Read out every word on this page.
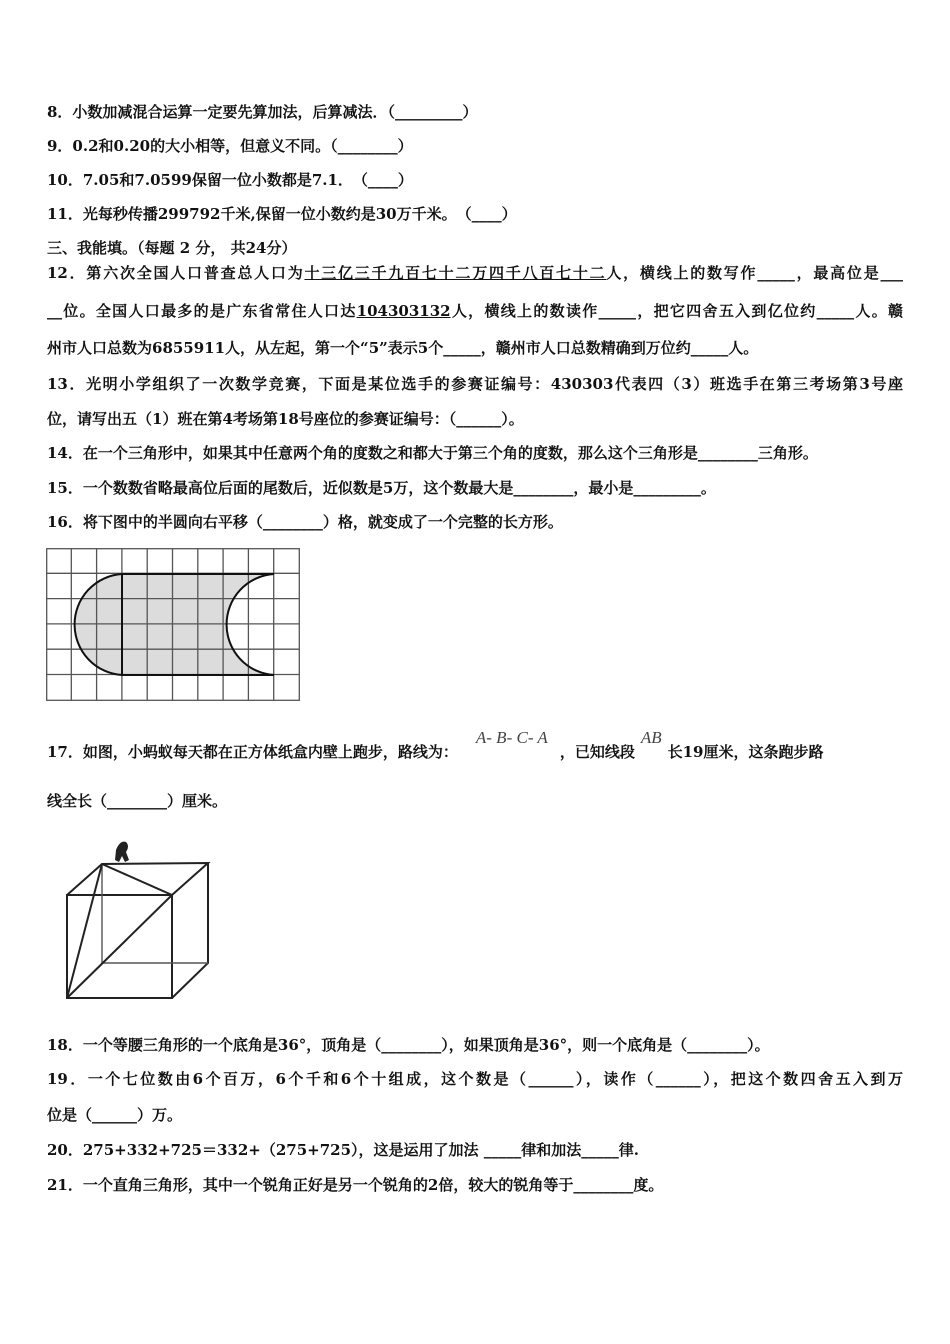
8．小数加减混合运算一定要先算加法，后算减法．（_________）
9．0.2和0.20的大小相等，但意义不同。（________）
10．7.05和7.0599保留一位小数都是7.1．　（____）
11．光每秒传播299792千米,保留一位小数约是30万千米。　（____）
三、我能填。（每题 2 分， 共24分）
12．第六次全国人口普查总人口为十三亿三千九百七十二万四千八百七十二人，横线上的数写作_____，最高位是___
__位。全国人口最多的是广东省常住人口达104303132人，横线上的数读作_____，把它四舍五入到亿位约_____人。赣
州市人口总数为6855911人，从左起，第一个“5”表示5个_____，赣州市人口总数精确到万位约_____人。
13．光明小学组织了一次数学竞赛，下面是某位选手的参赛证编号：430303代表四（3）班选手在第三考场第3号座
位，请写出五（1）班在第4考场第18号座位的参赛证编号：（______）。
14．在一个三角形中，如果其中任意两个角的度数之和都大于第三个角的度数，那么这个三角形是________三角形。
15．一个数数省略最高位后面的尾数后，近似数是5万，这个数最大是________，最小是_________。
16．将下图中的半圆向右平移（________）格，就变成了一个完整的长方形。
17．如图，小蚂蚁每天都在正方体纸盒内壁上跑步，路线为：A- B- C- A，已知线段AB长19厘米，这条跑步路
线全长（________）厘米。
18．一个等腰三角形的一个底角是36°，顶角是（________），如果顶角是36°，则一个底角是（________）。
19．一个七位数由6个百万，6个千和6个十组成，这个数是（______），读作（______），把这个数四舍五入到万
位是（______）万。
20．275+332+725＝332+（275+725），这是运用了加法 _____律和加法_____律.
21．一个直角三角形，其中一个锐角正好是另一个锐角的2倍，较大的锐角等于________度。
